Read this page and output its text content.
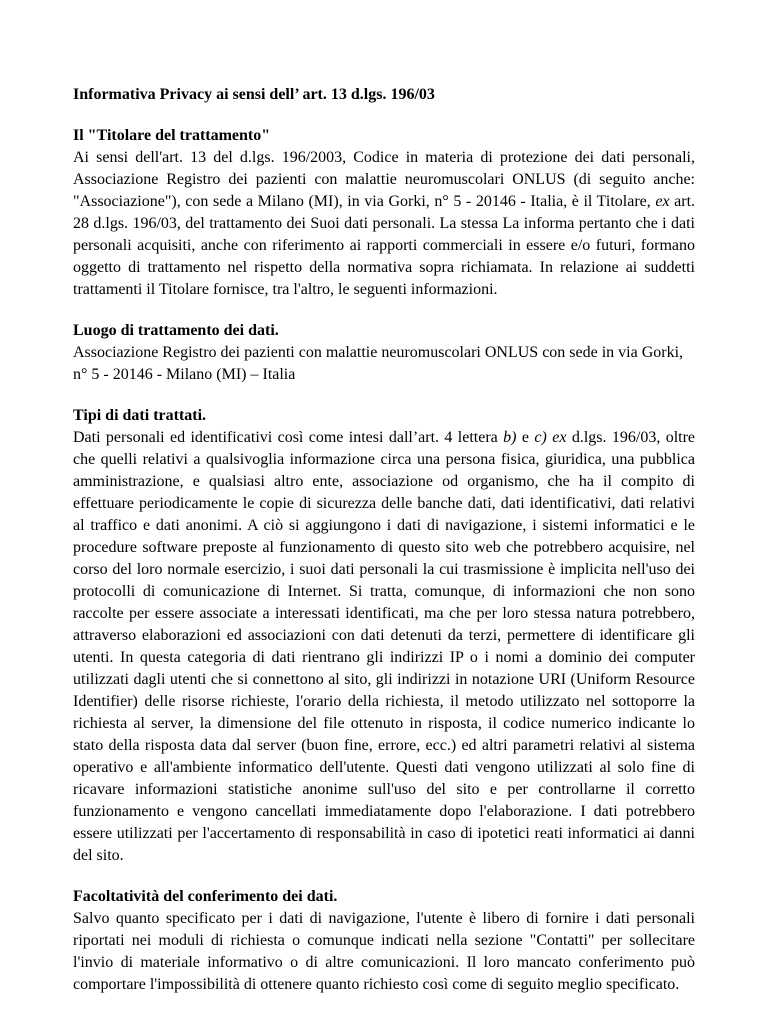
Informativa Privacy ai sensi dell’ art. 13 d.lgs. 196/03
Il "Titolare del trattamento"
Ai sensi dell'art. 13 del d.lgs. 196/2003, Codice in materia di protezione dei dati personali, Associazione Registro dei pazienti con malattie neuromuscolari ONLUS (di seguito anche: "Associazione"), con sede a Milano (MI), in via Gorki, n° 5 - 20146 - Italia, è il Titolare, ex art. 28 d.lgs. 196/03, del trattamento dei Suoi dati personali. La stessa La informa pertanto che i dati personali acquisiti, anche con riferimento ai rapporti commerciali in essere e/o futuri, formano oggetto di trattamento nel rispetto della normativa sopra richiamata. In relazione ai suddetti trattamenti il Titolare fornisce, tra l'altro, le seguenti informazioni.
Luogo di trattamento dei dati.
Associazione Registro dei pazienti con malattie neuromuscolari ONLUS con sede in via Gorki, n° 5 - 20146 - Milano (MI) – Italia
Tipi di dati trattati.
Dati personali ed identificativi così come intesi dall’art. 4 lettera b) e c) ex d.lgs. 196/03, oltre che quelli relativi a qualsivoglia informazione circa una persona fisica, giuridica, una pubblica amministrazione, e qualsiasi altro ente, associazione od organismo, che ha il compito di effettuare periodicamente le copie di sicurezza delle banche dati, dati identificativi, dati relativi al traffico e dati anonimi. A ciò si aggiungono i dati di navigazione, i sistemi informatici e le procedure software preposte al funzionamento di questo sito web che potrebbero acquisire, nel corso del loro normale esercizio, i suoi dati personali la cui trasmissione è implicita nell'uso dei protocolli di comunicazione di Internet. Si tratta, comunque, di informazioni che non sono raccolte per essere associate a interessati identificati, ma che per loro stessa natura potrebbero, attraverso elaborazioni ed associazioni con dati detenuti da terzi, permettere di identificare gli utenti. In questa categoria di dati rientrano gli indirizzi IP o i nomi a dominio dei computer utilizzati dagli utenti che si connettono al sito, gli indirizzi in notazione URI (Uniform Resource Identifier) delle risorse richieste, l'orario della richiesta, il metodo utilizzato nel sottoporre la richiesta al server, la dimensione del file ottenuto in risposta, il codice numerico indicante lo stato della risposta data dal server (buon fine, errore, ecc.) ed altri parametri relativi al sistema operativo e all'ambiente informatico dell'utente. Questi dati vengono utilizzati al solo fine di ricavare informazioni statistiche anonime sull'uso del sito e per controllarne il corretto funzionamento e vengono cancellati immediatamente dopo l'elaborazione. I dati potrebbero essere utilizzati per l'accertamento di responsabilità in caso di ipotetici reati informatici ai danni del sito.
Facoltatività del conferimento dei dati.
Salvo quanto specificato per i dati di navigazione, l'utente è libero di fornire i dati personali riportati nei moduli di richiesta o comunque indicati nella sezione "Contatti" per sollecitare l'invio di materiale informativo o di altre comunicazioni. Il loro mancato conferimento può comportare l'impossibilità di ottenere quanto richiesto così come di seguito meglio specificato.
